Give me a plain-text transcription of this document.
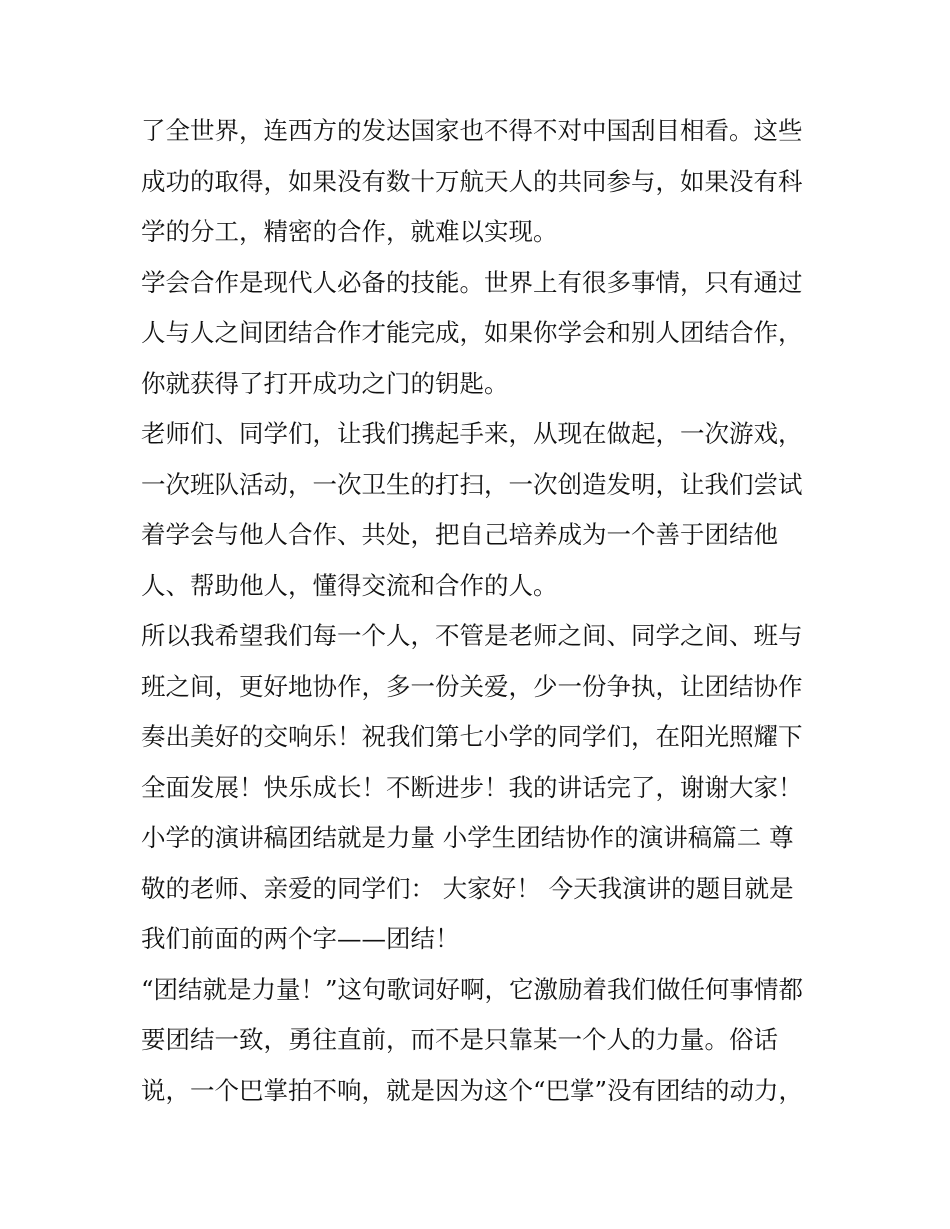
了全世界，连西方的发达国家也不得不对中国刮目相看。这些
成功的取得，如果没有数十万航天人的共同参与，如果没有科
学的分工，精密的合作，就难以实现。
学会合作是现代人必备的技能。世界上有很多事情，只有通过
人与人之间团结合作才能完成，如果你学会和别人团结合作，
你就获得了打开成功之门的钥匙。
老师们、同学们，让我们携起手来，从现在做起，一次游戏，
一次班队活动，一次卫生的打扫，一次创造发明，让我们尝试
着学会与他人合作、共处，把自己培养成为一个善于团结他
人、帮助他人，懂得交流和合作的人。
所以我希望我们每一个人，不管是老师之间、同学之间、班与
班之间，更好地协作，多一份关爱，少一份争执，让团结协作
奏出美好的交响乐！祝我们第七小学的同学们，在阳光照耀下
全面发展！快乐成长！不断进步！我的讲话完了，谢谢大家！
小学的演讲稿团结就是力量 小学生团结协作的演讲稿篇二 尊
敬的老师、亲爱的同学们： 大家好！ 今天我演讲的题目就是
我们前面的两个字——团结！
“团结就是力量！”这句歌词好啊，它激励着我们做任何事情都
要团结一致，勇往直前，而不是只靠某一个人的力量。俗话
说，一个巴掌拍不响，就是因为这个“巴掌”没有团结的动力，
